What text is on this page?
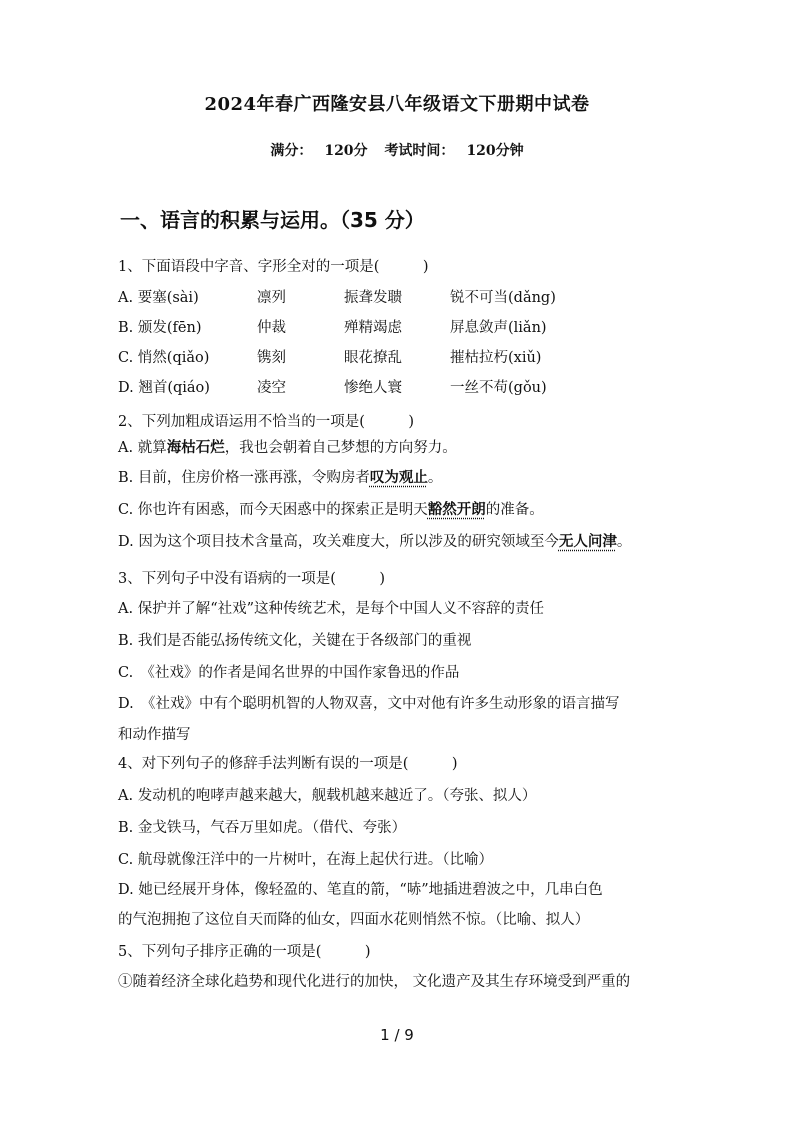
2024年春广西隆安县八年级语文下册期中试卷
满分： 120分 考试时间： 120分钟
一、语言的积累与运用。（35 分）
1、下面语段中字音、字形全对的一项是(　　　)
A. 要塞(sài)	凛列	振聋发聩	锐不可当(dǎng)
B. 颁发(fēn)	仲裁	殚精竭虑	屏息敛声(liǎn)
C. 悄然(qiǎo)	镌刻	眼花撩乱	摧枯拉朽(xiǔ)
D. 翘首(qiáo)	凌空	惨绝人寰	一丝不苟(gǒu)
2、下列加粗成语运用不恰当的一项是(　　　)
A. 就算海枯石烂，我也会朝着自己梦想的方向努力。
B. 目前，住房价格一涨再涨，令购房者叹为观止。
C. 你也许有困惑，而今天困惑中的探索正是明天豁然开朗的准备。
D. 因为这个项目技术含量高，攻关难度大，所以涉及的研究领域至今无人问津。
3、下列句子中没有语病的一项是(　　　)
A. 保护并了解“社戏”这种传统艺术，是每个中国人义不容辞的责任
B. 我们是否能弘扬传统文化，关键在于各级部门的重视
C.　《社戏》的作者是闻名世界的中国作家鲁迅的作品
D.　《社戏》中有个聪明机智的人物双喜，文中对他有许多生动形象的语言描写
和动作描写
4、对下列句子的修辞手法判断有误的一项是(　　　)
A. 发动机的咆哮声越来越大，舰载机越来越近了。（夸张、拟人）
B. 金戈铁马，气吞万里如虎。（借代、夸张）
C. 航母就像汪洋中的一片树叶，在海上起伏行进。（比喻）
D. 她已经展开身体，像轻盈的、笔直的箭，“哧”地插进碧波之中，几串白色
的气泡拥抱了这位自天而降的仙女，四面水花则悄然不惊。（比喻、拟人）
5、下列句子排序正确的一项是(　　　)
①随着经济全球化趋势和现代化进行的加快， 文化遗产及其生存环境受到严重的
1 / 9
